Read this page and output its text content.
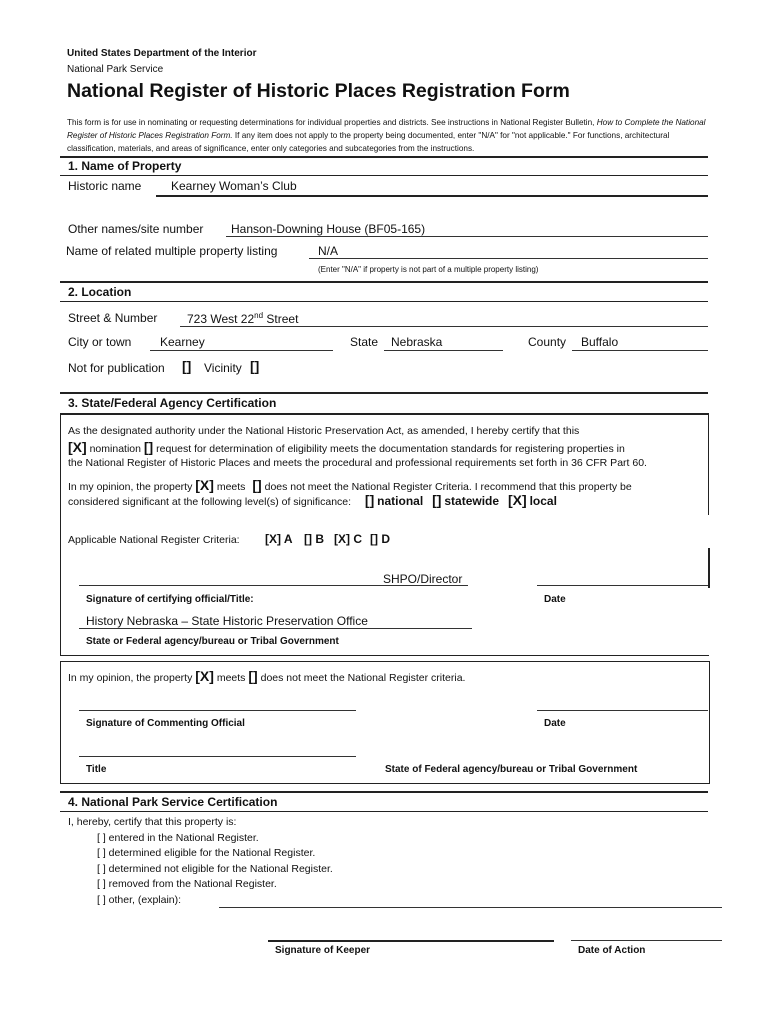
United States Department of the Interior
National Park Service
National Register of Historic Places Registration Form
This form is for use in nominating or requesting determinations for individual properties and districts. See instructions in National Register Bulletin, How to Complete the National Register of Historic Places Registration Form. If any item does not apply to the property being documented, enter "N/A" for "not applicable." For functions, architectural classification, materials, and areas of significance, enter only categories and subcategories from the instructions.
1. Name of Property
Historic name Kearney Woman’s Club
Other names/site number Hanson-Downing House (BF05-165)
Name of related multiple property listing	N/A
(Enter "N/A" if property is not part of a multiple property listing)
2. Location
Street & Number 723 West 22nd Street
City or town Kearney	State Nebraska	County Buffalo
Not for publication [] Vicinity []
3. State/Federal Agency Certification
As the designated authority under the National Historic Preservation Act, as amended, I hereby certify that this
[X] nomination [] request for determination of eligibility meets the documentation standards for registering properties in
the National Register of Historic Places and meets the procedural and professional requirements set forth in 36 CFR Part 60.
In my opinion, the property [X] meets [] does not meet the National Register Criteria. I recommend that this property be
considered significant at the following level(s) of significance: [] national [] statewide [X] local
Applicable National Register Criteria: [X] A [] B [X] C [] D
SHPO/Director
Signature of certifying official/Title:	Date
History Nebraska – State Historic Preservation Office
State or Federal agency/bureau or Tribal Government
In my opinion, the property [X] meets [] does not meet the National Register criteria.
Signature of Commenting Official	Date
Title	State of Federal agency/bureau or Tribal Government
4. National Park Service Certification
I, hereby, certify that this property is:
[ ] entered in the National Register.
[ ] determined eligible for the National Register.
[ ] determined not eligible for the National Register.
[ ] removed from the National Register.
[ ] other, (explain):
Signature of Keeper	Date of Action
